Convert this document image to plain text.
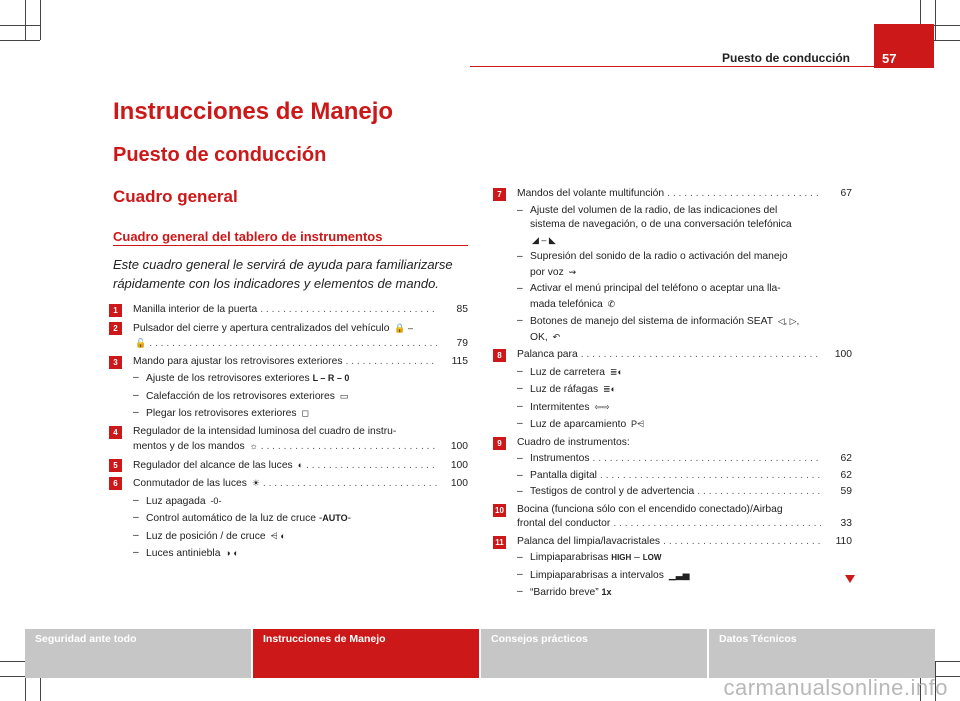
Puesto de conducción 57
Instrucciones de Manejo
Puesto de conducción
Cuadro general
Cuadro general del tablero de instrumentos
Este cuadro general le servirá de ayuda para familiarizarse rápidamente con los indicadores y elementos de mando.
1	Manilla interior de la puerta . . .	85
2	Pulsador del cierre y apertura centralizados del vehículo 🔒 –
🔓 . . .	79
3	Mando para ajustar los retrovisores exteriores . . .	115
– Ajuste de los retrovisores exteriores L – R – 0
– Calefacción de los retrovisores exteriores ▭
– Plegar los retrovisores exteriores ◻
4	Regulador de la intensidad luminosa del cuadro de instru-
mentos y de los mandos ☼ . . .	100
5	Regulador del alcance de las luces ◐ . . .	100
6	Conmutador de las luces ☀ . . .	100
– Luz apagada -0-
– Control automático de la luz de cruce -AUTO-
– Luz de posición / de cruce ⩤ ◐
– Luces antiniebla ◑ ◐
7	Mandos del volante multifunción . . .	67
– Ajuste del volumen de la radio, de las indicaciones del
sistema de navegación, o de una conversación telefónica
◢ – ◣
– Supresión del sonido de la radio o activación del manejo
por voz ⇝
– Activar el menú principal del teléfono o aceptar una lla-
mada telefónica ✆
– Botones de manejo del sistema de información SEAT ◁, ▷,
OK, ↶
8	Palanca para . . .	100
– Luz de carretera ≣◐
– Luz de ráfagas ≣◐
– Intermitentes ⇦⇨
– Luz de aparcamiento P⩤
9	Cuadro de instrumentos:
– Instrumentos . . .	62
– Pantalla digital . . .	62
– Testigos de control y de advertencia . . .	59
10 Bocina (funciona sólo con el encendido conectado)/Airbag
frontal del conductor . . .	33
11 Palanca del limpia/lavacristales . . .	110
– Limpiaparabrisas HIGH – LOW
– Limpiaparabrisas a intervalos ▁▃▅
– “Barrido breve” 1x
Seguridad ante todo	Instrucciones de Manejo	Consejos prácticos	Datos Técnicos
carmanualsonline.info
